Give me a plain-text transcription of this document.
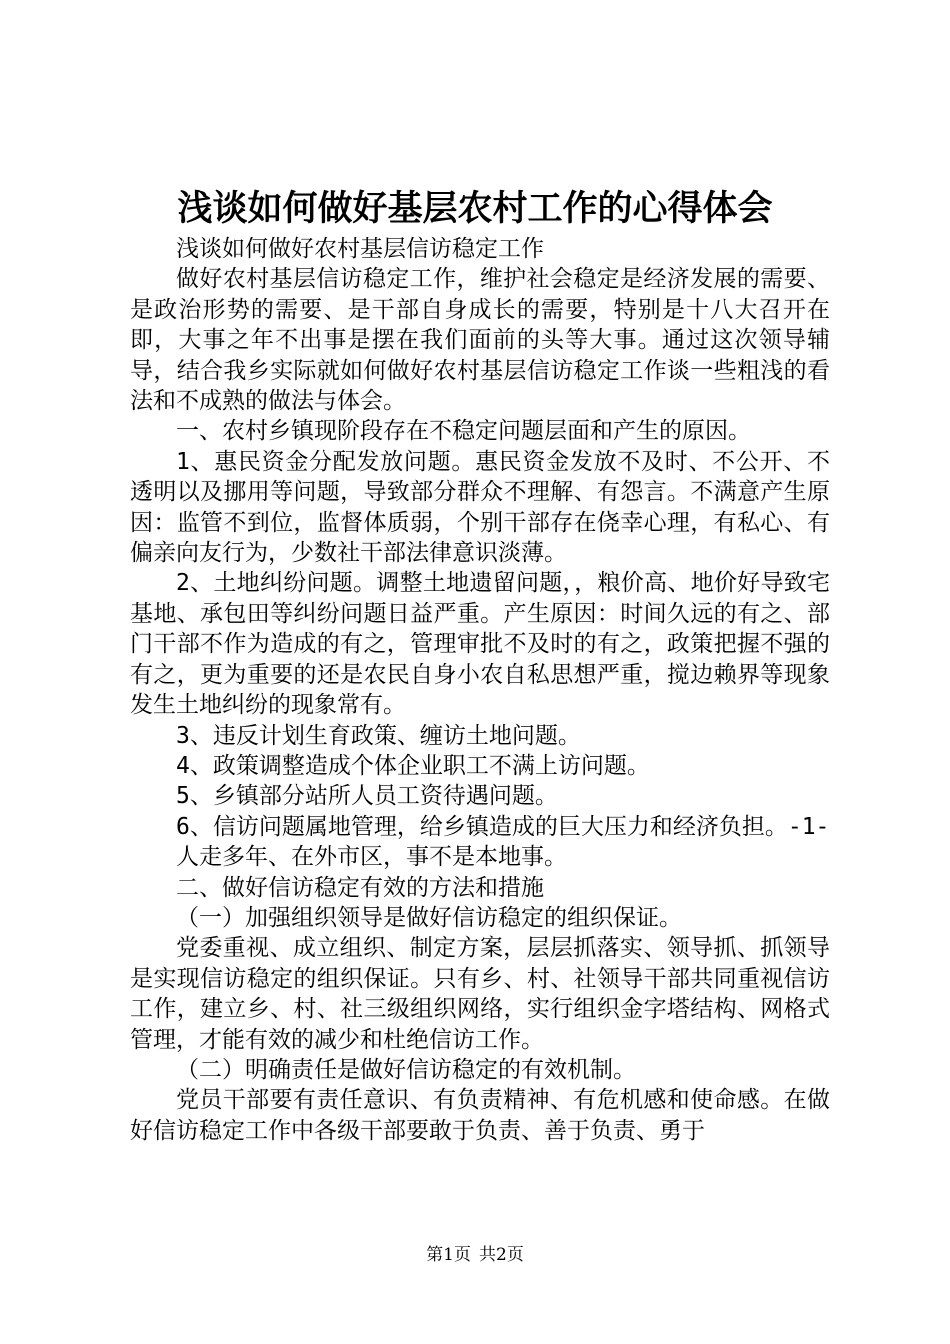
浅谈如何做好基层农村工作的心得体会

浅谈如何做好农村基层信访稳定工作

做好农村基层信访稳定工作，维护社会稳定是经济发展的需要、是政治形势的需要、是干部自身成长的需要，特别是十八大召开在即，大事之年不出事是摆在我们面前的头等大事。通过这次领导辅导，结合我乡实际就如何做好农村基层信访稳定工作谈一些粗浅的看法和不成熟的做法与体会。

一、农村乡镇现阶段存在不稳定问题层面和产生的原因。

1、惠民资金分配发放问题。惠民资金发放不及时、不公开、不透明以及挪用等问题，导致部分群众不理解、有怨言。不满意产生原因：监管不到位，监督体质弱，个别干部存在侥幸心理，有私心、有偏亲向友行为，少数社干部法律意识淡薄。

2、土地纠纷问题。调整土地遗留问题，，粮价高、地价好导致宅基地、承包田等纠纷问题日益严重。产生原因：时间久远的有之、部门干部不作为造成的有之，管理审批不及时的有之，政策把握不强的有之，更为重要的还是农民自身小农自私思想严重，搅边赖界等现象发生土地纠纷的现象常有。

3、违反计划生育政策、缠访土地问题。

4、政策调整造成个体企业职工不满上访问题。

5、乡镇部分站所人员工资待遇问题。

6、信访问题属地管理，给乡镇造成的巨大压力和经济负担。-1-

人走多年、在外市区，事不是本地事。

二、做好信访稳定有效的方法和措施

（一）加强组织领导是做好信访稳定的组织保证。

党委重视、成立组织、制定方案，层层抓落实、领导抓、抓领导是实现信访稳定的组织保证。只有乡、村、社领导干部共同重视信访工作，建立乡、村、社三级组织网络，实行组织金字塔结构、网格式管理，才能有效的减少和杜绝信访工作。

（二）明确责任是做好信访稳定的有效机制。

党员干部要有责任意识、有负责精神、有危机感和使命感。在做好信访稳定工作中各级干部要敢于负责、善于负责、勇于

第1页 共2页
